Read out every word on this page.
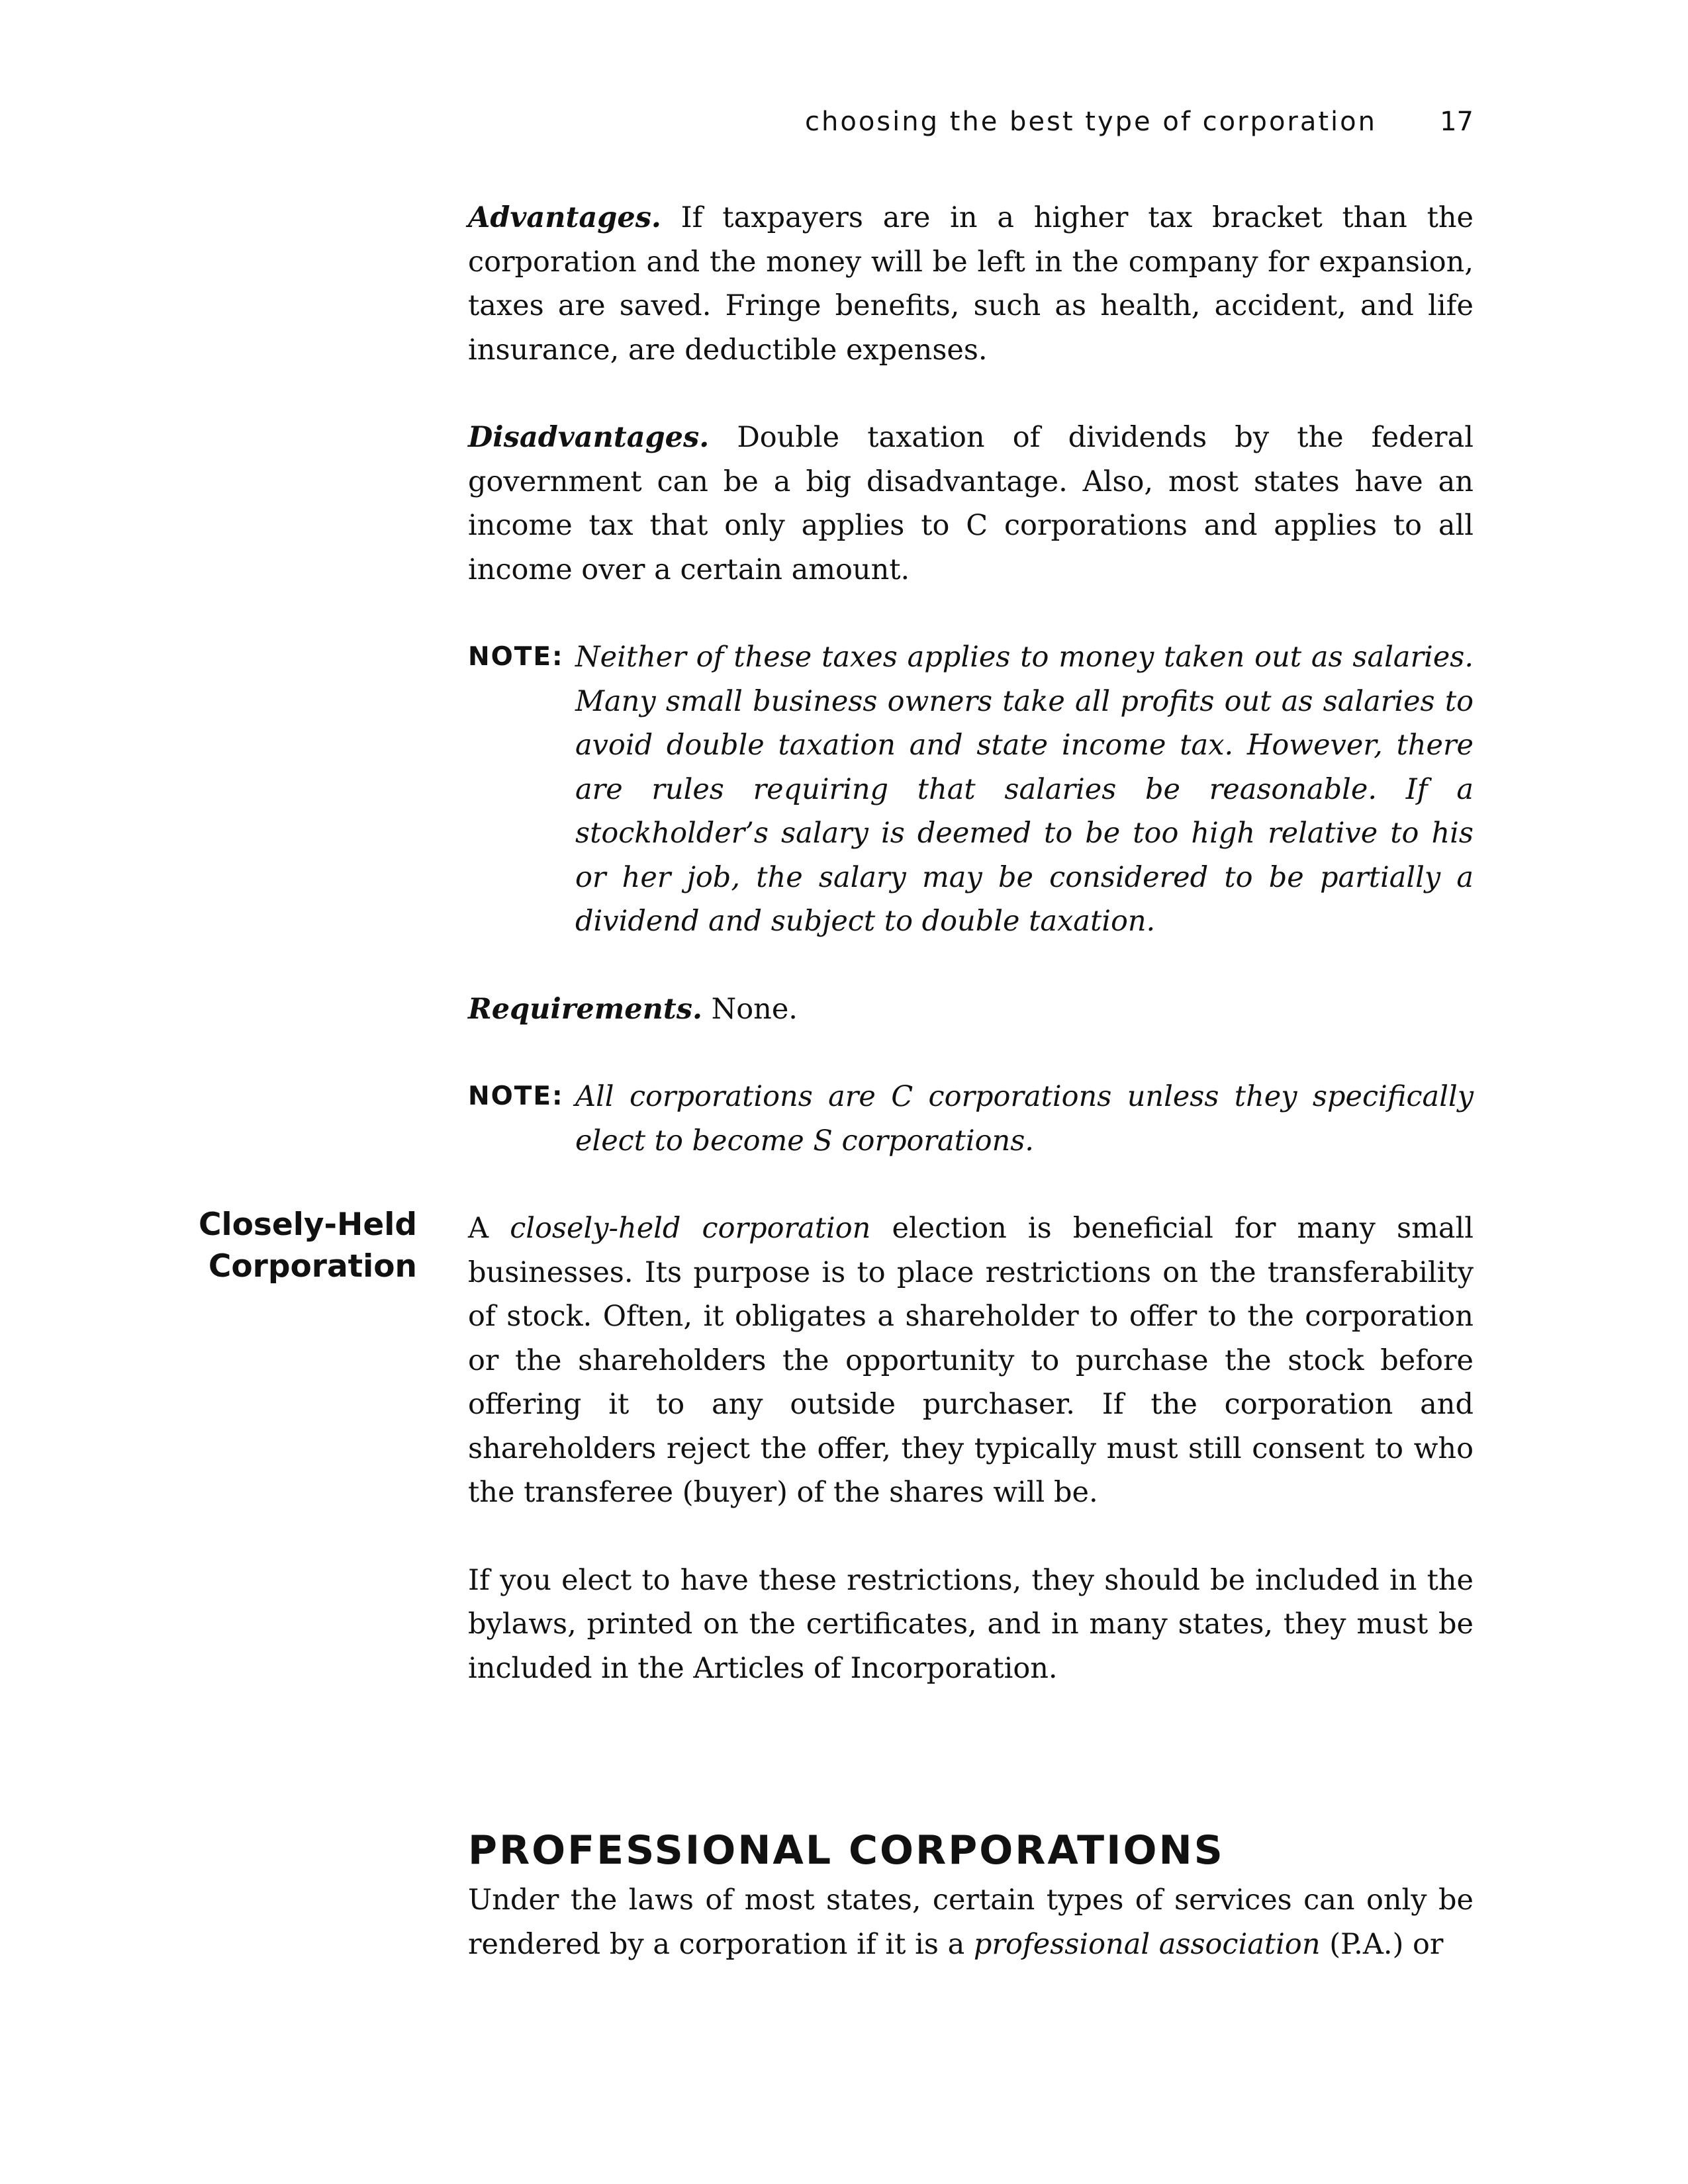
choosing the best type of corporation 17

Advantages. If taxpayers are in a higher tax bracket than the corporation and the money will be left in the company for expansion, taxes are saved. Fringe benefits, such as health, accident, and life insurance, are deductible expenses.

Disadvantages. Double taxation of dividends by the federal government can be a big disadvantage. Also, most states have an income tax that only applies to C corporations and applies to all income over a certain amount.

NOTE: Neither of these taxes applies to money taken out as salaries. Many small business owners take all profits out as salaries to avoid double taxation and state income tax. However, there are rules requiring that salaries be reasonable. If a stockholder’s salary is deemed to be too high relative to his or her job, the salary may be considered to be partially a dividend and subject to double taxation.

Requirements. None.

NOTE: All corporations are C corporations unless they specifically elect to become S corporations.

A closely-held corporation election is beneficial for many small businesses. Its purpose is to place restrictions on the transferability of stock. Often, it obligates a shareholder to offer to the corporation or the shareholders the opportunity to purchase the stock before offering it to any outside purchaser. If the corporation and shareholders reject the offer, they typically must still consent to who the transferee (buyer) of the shares will be.

If you elect to have these restrictions, they should be included in the bylaws, printed on the certificates, and in many states, they must be included in the Articles of Incorporation.

PROFESSIONAL CORPORATIONS

Under the laws of most states, certain types of services can only be rendered by a corporation if it is a professional association (P.A.) or

Closely-Held
Corporation
